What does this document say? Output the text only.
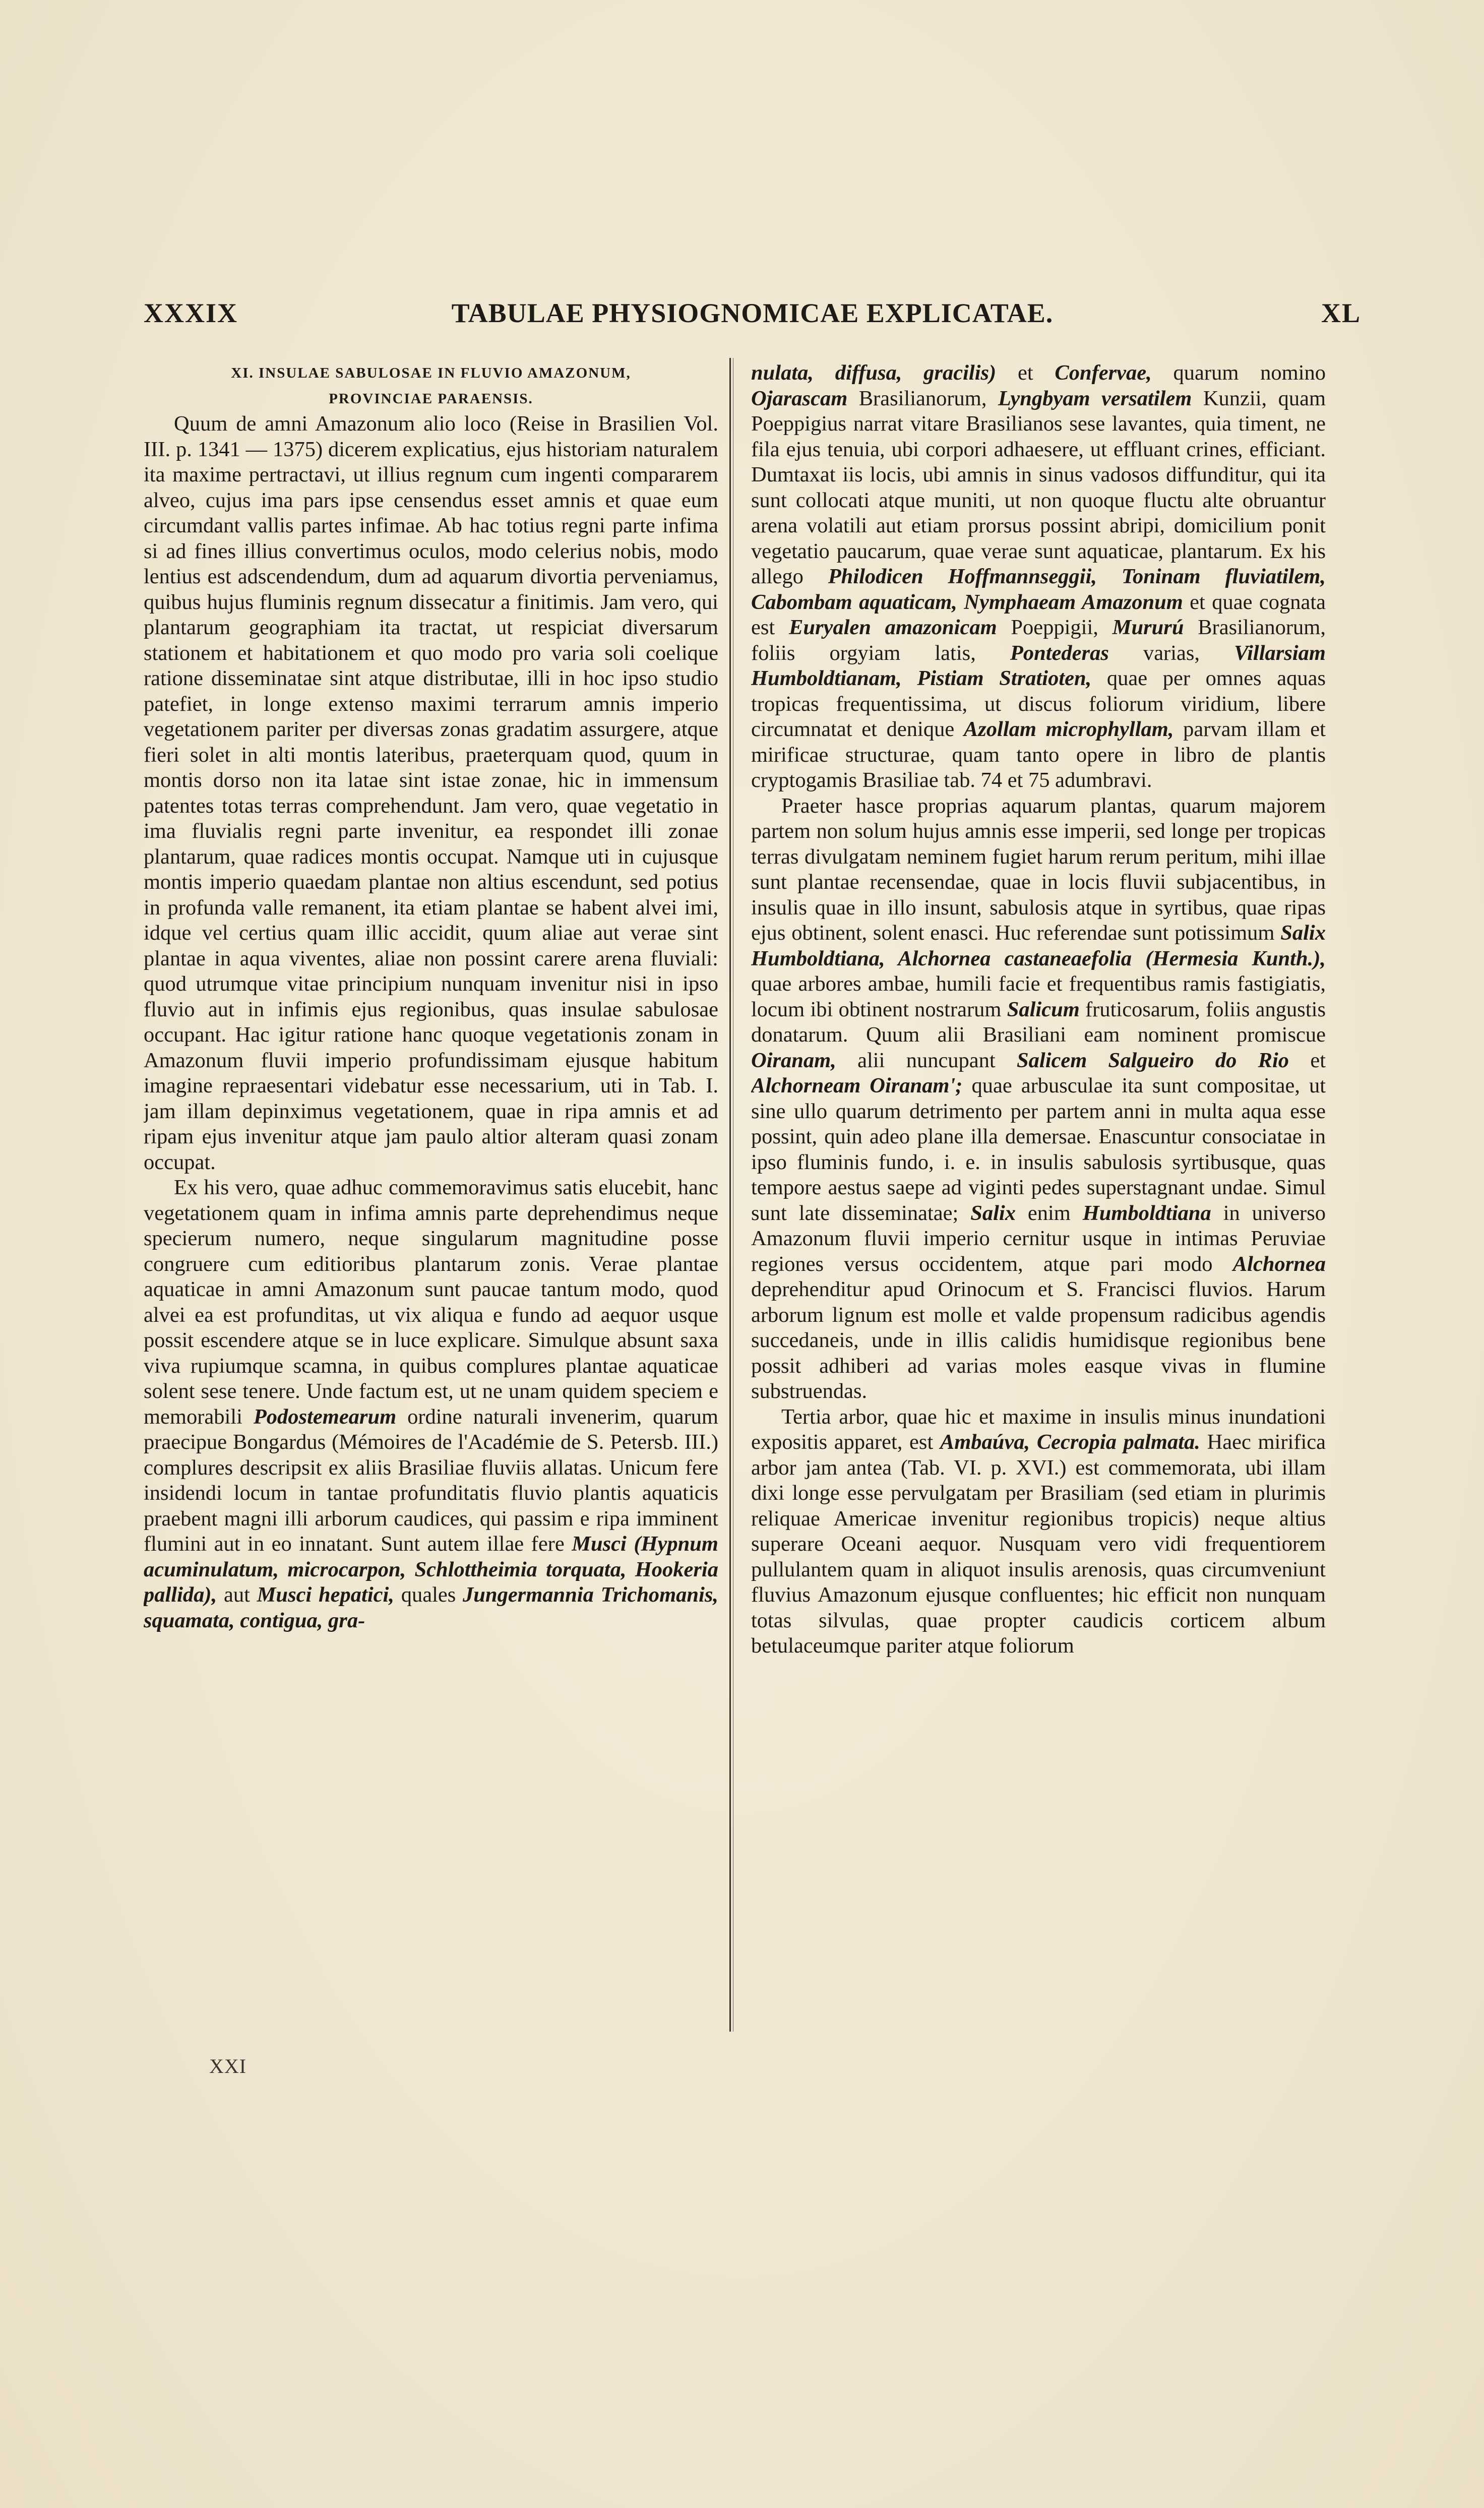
XXXIX	TABULAE PHYSIOGNOMICAE EXPLICATAE.	XL

XI. INSULAE SABULOSAE IN FLUVIO AMAZONUM,

PROVINCIAE PARAENSIS.

Quum de amni Amazonum alio loco (Reise in Brasilien Vol. III. p. 1341 — 1375) dicerem explicatius, ejus historiam naturalem ita maxime pertractavi, ut illius regnum cum ingenti compararem alveo, cujus ima pars ipse censendus esset amnis et quae eum circumdant vallis partes infimae. Ab hac totius regni parte infima si ad fines illius convertimus oculos, modo celerius nobis, modo lentius est adscendendum, dum ad aquarum divortia perveniamus, quibus hujus fluminis regnum dissecatur a finitimis. Jam vero, qui plantarum geographiam ita tractat, ut respiciat diversarum stationem et habitationem et quo modo pro varia soli coelique ratione disseminatae sint atque distributae, illi in hoc ipso studio patefiet, in longe extenso maximi terrarum amnis imperio vegetationem pariter per diversas zonas gradatim assurgere, atque fieri solet in alti montis lateribus, praeterquam quod, quum in montis dorso non ita latae sint istae zonae, hic in immensum patentes totas terras comprehendunt. Jam vero, quae vegetatio in ima fluvialis regni parte invenitur, ea respondet illi zonae plantarum, quae radices montis occupat. Namque uti in cujusque montis imperio quaedam plantae non altius escendunt, sed potius in profunda valle remanent, ita etiam plantae se habent alvei imi, idque vel certius quam illic accidit, quum aliae aut verae sint plantae in aqua viventes, aliae non possint carere arena fluviali: quod utrumque vitae principium nunquam invenitur nisi in ipso fluvio aut in infimis ejus regionibus, quas insulae sabulosae occupant. Hac igitur ratione hanc quoque vegetationis zonam in Amazonum fluvii imperio profundissimam ejusque habitum imagine repraesentari videbatur esse necessarium, uti in Tab. I. jam illam depinximus vegetationem, quae in ripa amnis et ad ripam ejus invenitur atque jam paulo altior alteram quasi zonam occupat.

Ex his vero, quae adhuc commemoravimus satis elucebit, hanc vegetationem quam in infima amnis parte deprehendimus neque specierum numero, neque singularum magnitudine posse congruere cum editioribus plantarum zonis. Verae plantae aquaticae in amni Amazonum sunt paucae tantum modo, quod alvei ea est profunditas, ut vix aliqua e fundo ad aequor usque possit escendere atque se in luce explicare. Simulque absunt saxa viva rupiumque scamna, in quibus complures plantae aquaticae solent sese tenere. Unde factum est, ut ne unam quidem speciem e memorabili Podostemearum ordine naturali invenerim, quarum praecipue Bongardus (Mémoires de l'Académie de S. Petersb. III.) complures descripsit ex aliis Brasiliae fluviis allatas. Unicum fere insidendi locum in tantae profunditatis fluvio plantis aquaticis praebent magni illi arborum caudices, qui passim e ripa imminent flumini aut in eo innatant. Sunt autem illae fere Musci (Hypnum acuminulatum, microcarpon, Schlottheimia torquata, Hookeria pallida), aut Musci hepatici, quales Jungermannia Trichomanis, squamata, contigua, gra-

nulata, diffusa, gracilis) et Confervae, quarum nomino Ojarascam Brasilianorum, Lyngbyam versatilem Kunzii, quam Poeppigius narrat vitare Brasilianos sese lavantes, quia timent, ne fila ejus tenuia, ubi corpori adhaesere, ut effluant crines, efficiant. Dumtaxat iis locis, ubi amnis in sinus vadosos diffunditur, qui ita sunt collocati atque muniti, ut non quoque fluctu alte obruantur arena volatili aut etiam prorsus possint abripi, domicilium ponit vegetatio paucarum, quae verae sunt aquaticae, plantarum. Ex his allego Philodicen Hoffmannseggii, Toninam fluviatilem, Cabombam aquaticam, Nymphaeam Amazonum et quae cognata est Euryalen amazonicam Poeppigii, Mururú Brasilianorum, foliis orgyiam latis, Pontederas varias, Villarsiam Humboldtianam, Pistiam Stratioten, quae per omnes aquas tropicas frequentissima, ut discus foliorum viridium, libere circumnatat et denique Azollam microphyllam, parvam illam et mirificae structurae, quam tanto opere in libro de plantis cryptogamis Brasiliae tab. 74 et 75 adumbravi.

Praeter hasce proprias aquarum plantas, quarum majorem partem non solum hujus amnis esse imperii, sed longe per tropicas terras divulgatam neminem fugiet harum rerum peritum, mihi illae sunt plantae recensendae, quae in locis fluvii subjacentibus, in insulis quae in illo insunt, sabulosis atque in syrtibus, quae ripas ejus obtinent, solent enasci. Huc referendae sunt potissimum Salix Humboldtiana, Alchornea castaneaefolia (Hermesia Kunth.), quae arbores ambae, humili facie et frequentibus ramis fastigiatis, locum ibi obtinent nostrarum Salicum fruticosarum, foliis angustis donatarum. Quum alii Brasiliani eam nominent promiscue Oiranam, alii nuncupant Salicem Salgueiro do Rio et Alchorneam Oiranam'; quae arbusculae ita sunt compositae, ut sine ullo quarum detrimento per partem anni in multa aqua esse possint, quin adeo plane illa demersae. Enascuntur consociatae in ipso fluminis fundo, i. e. in insulis sabulosis syrtibusque, quas tempore aestus saepe ad viginti pedes superstagnant undae. Simul sunt late disseminatae; Salix enim Humboldtiana in universo Amazonum fluvii imperio cernitur usque in intimas Peruviae regiones versus occidentem, atque pari modo Alchornea deprehenditur apud Orinocum et S. Francisci fluvios. Harum arborum lignum est molle et valde propensum radicibus agendis succedaneis, unde in illis calidis humidisque regionibus bene possit adhiberi ad varias moles easque vivas in flumine substruendas.

Tertia arbor, quae hic et maxime in insulis minus inundationi expositis apparet, est Ambaúva, Cecropia palmata. Haec mirifica arbor jam antea (Tab. VI. p. XVI.) est commemorata, ubi illam dixi longe esse pervulgatam per Brasiliam (sed etiam in plurimis reliquae Americae invenitur regionibus tropicis) neque altius superare Oceani aequor. Nusquam vero vidi frequentiorem pullulantem quam in aliquot insulis arenosis, quas circumveniunt fluvius Amazonum ejusque confluentes; hic efficit non nunquam totas silvulas, quae propter caudicis corticem album betulaceumque pariter atque foliorum

XXI
